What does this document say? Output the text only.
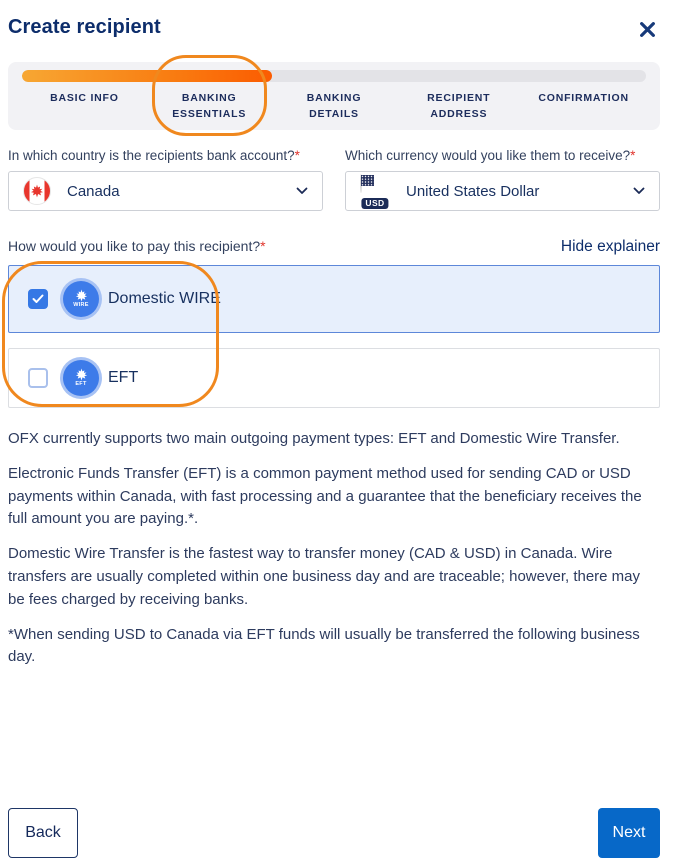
Create recipient
BASIC INFO	BANKING ESSENTIALS
BANKING DETAILS
RECIPIENT ADDRESS
CONFIRMATION
In which country is the recipients bank account?*
Canada
Which currency would you like them to receive?*
USD
United States Dollar
How would you like to pay this recipient?*	Hide explainer
WIRE Domestic WIRE
EFT EFT

OFX currently supports two main outgoing payment types: EFT and Domestic Wire Transfer.

Electronic Funds Transfer (EFT) is a common payment method used for sending CAD or USD payments within Canada, with fast processing and a guarantee that the beneficiary receives the full amount you are paying.*.

Domestic Wire Transfer is the fastest way to transfer money (CAD & USD) in Canada. Wire transfers are usually completed within one business day and are traceable; however, there may be fees charged by receiving banks.

*When sending USD to Canada via EFT funds will usually be transferred the following business day.

Back	Next
